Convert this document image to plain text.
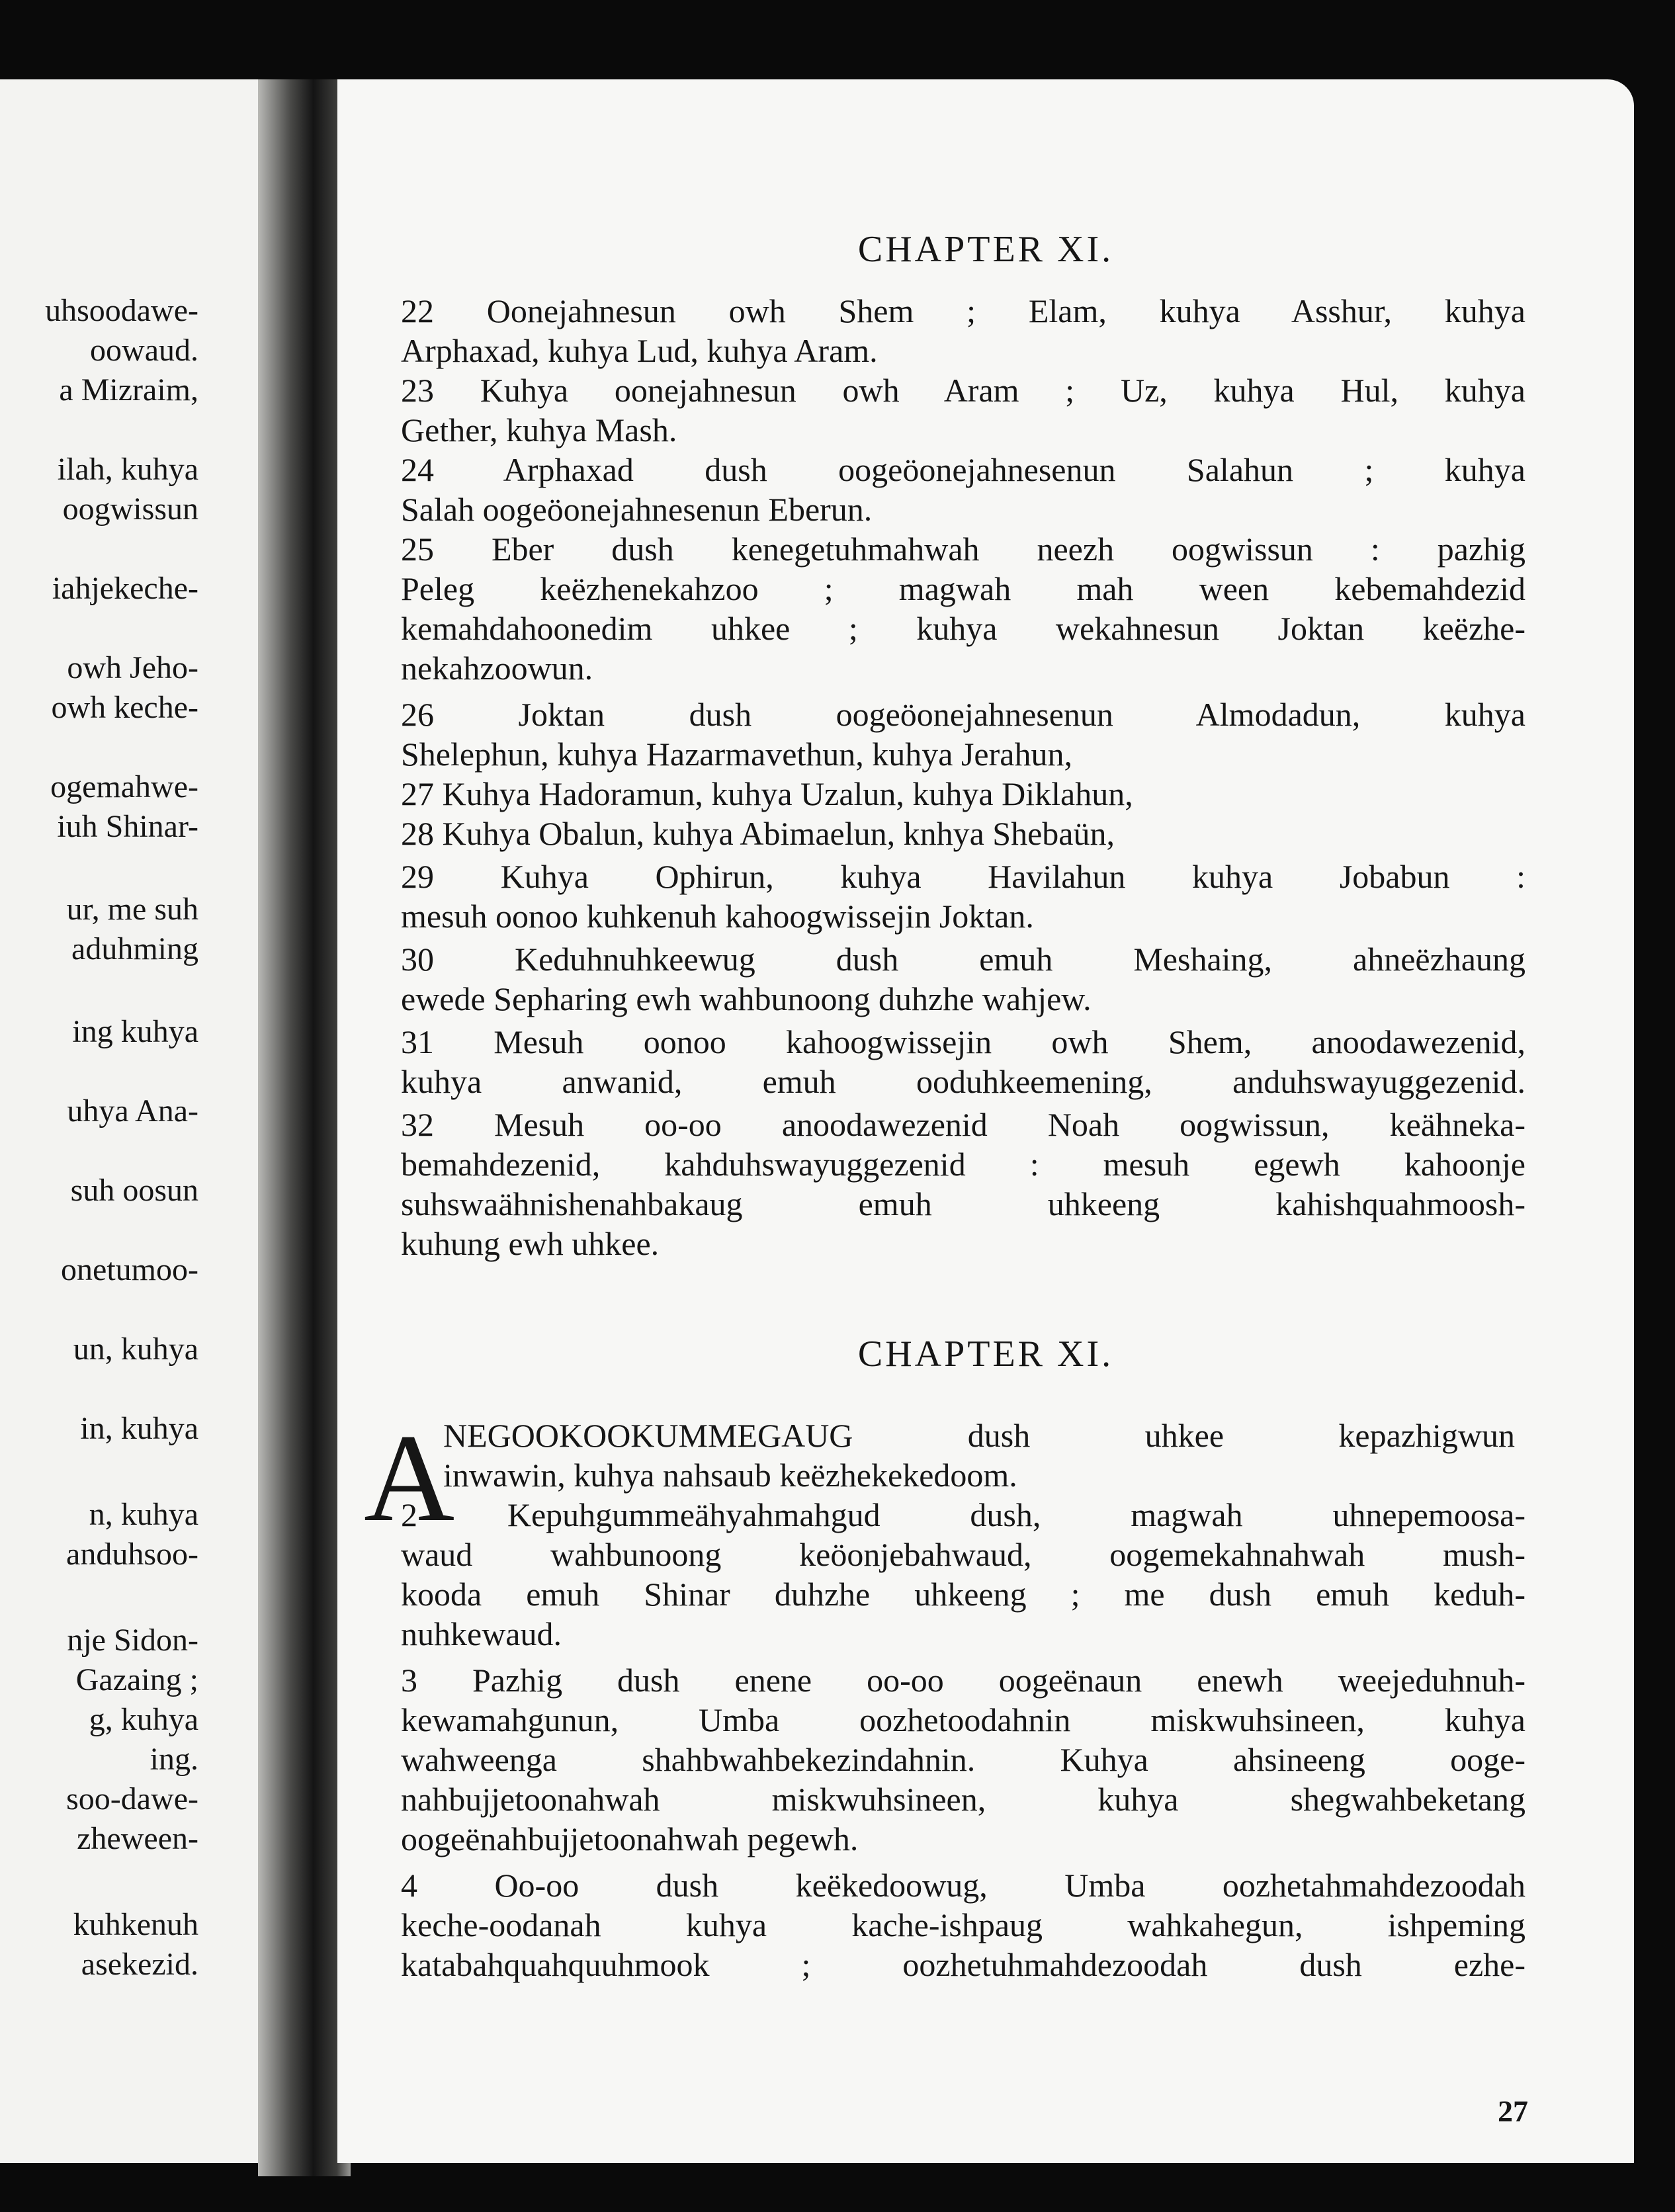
uhsoodawe-
oowaud.
a Mizraim,
ilah, kuhya
oogwissun
iahjekeche-
owh Jeho-
owh keche-
ogemahwe-
iuh Shinar-
ur, me suh
aduhming
ing kuhya
uhya Ana-
suh oosun
onetumoo-
un, kuhya
in, kuhya
n, kuhya
anduhsoo-
nje Sidon-
Gazaing ;
g, kuhya
ing.
soo-dawe-
zheween-
kuhkenuh
asekezid.
CHAPTER XI.
22 Oonejahnesun owh Shem ; Elam, kuhya Asshur, kuhya
Arphaxad, kuhya Lud, kuhya Aram.
23 Kuhya oonejahnesun owh Aram ; Uz, kuhya Hul, kuhya
Gether, kuhya Mash.
24 Arphaxad dush oogeöonejahnesenun Salahun ; kuhya
Salah oogeöonejahnesenun Eberun.
25 Eber dush kenegetuhmahwah neezh oogwissun : pazhig
Peleg keëzhenekahzoo ; magwah mah ween kebemahdezid
kemahdahoonedim uhkee ; kuhya wekahnesun Joktan keëzhe-
nekahzoowun.
26 Joktan dush oogeöonejahnesenun Almodadun, kuhya
Shelephun, kuhya Hazarmavethun, kuhya Jerahun,
27 Kuhya Hadoramun, kuhya Uzalun, kuhya Diklahun,
28 Kuhya Obalun, kuhya Abimaelun, knhya Shebaün,
29 Kuhya Ophirun, kuhya Havilahun kuhya Jobabun :
mesuh oonoo kuhkenuh kahoogwissejin Joktan.
30 Keduhnuhkeewug dush emuh Meshaing, ahneëzhaung
ewede Sepharing ewh wahbunoong duhzhe wahjew.
31 Mesuh oonoo kahoogwissejin owh Shem, anoodawezenid,
kuhya anwanid, emuh ooduhkeemening, anduhswayuggezenid.
32 Mesuh oo-oo anoodawezenid Noah oogwissun, keähneka-
bemahdezenid, kahduhswayuggezenid : mesuh egewh kahoonje
suhswaähnishenahbakaug emuh uhkeeng kahishquahmoosh-
kuhung ewh uhkee.
CHAPTER XI.
A
NEGOOKOOKUMMEGAUG dush uhkee kepazhigwun
inwawin, kuhya nahsaub keëzhekekedoom.
2 Kepuhgummeähyahmahgud dush, magwah uhnepemoosa-
waud wahbunoong keöonjebahwaud, oogemekahnahwah mush-
kooda emuh Shinar duhzhe uhkeeng ; me dush emuh keduh-
nuhkewaud.
3 Pazhig dush enene oo-oo oogeënaun enewh weejeduhnuh-
kewamahgunun, Umba oozhetoodahnin miskwuhsineen, kuhya
wahweenga shahbwahbekezindahnin. Kuhya ahsineeng ooge-
nahbujjetoonahwah miskwuhsineen, kuhya shegwahbeketang
oogeënahbujjetoonahwah pegewh.
4 Oo-oo dush keëkedoowug, Umba oozhetahmahdezoodah
keche-oodanah kuhya kache-ishpaug wahkahegun, ishpeming
katabahquahquuhmook ; oozhetuhmahdezoodah dush ezhe-
27
